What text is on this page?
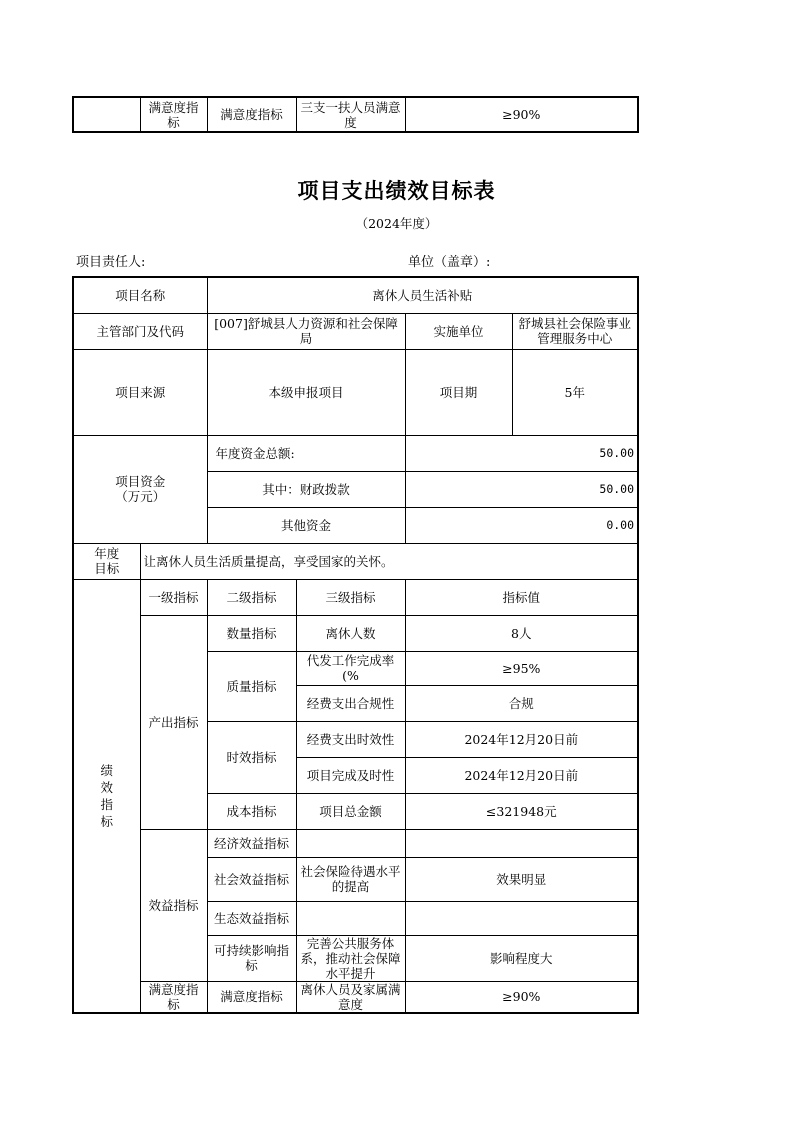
	满意度指标	满意度指标	三支一扶人员满意度	≥90%
项目支出绩效目标表
（2024年度）
项目责任人:	单位（盖章）:
项目名称		离休人员生活补贴			
主管部门及代码		[007]舒城县人力资源和社会保障局		实施单位	舒城县社会保险事业管理服务中心
项目来源		本级申报项目		项目期	5年

项目资金
（万元）		年度资金总额:		50.00	
		其中：财政拨款		50.00	
		其他资金		0.00	

年度
目标	让离休人员生活质量提高，享受国家的关怀。				

绩
效
指
标	一级指标	二级指标	三级指标	指标值	
	产出指标	数量指标	离休人数	8人	
		质量指标	代发工作完成率(%	≥95%	
			经费支出合规性	合规	
		时效指标	经费支出时效性	2024年12月20日前	
			项目完成及时性	2024年12月20日前	
		成本指标	项目总金额	≤321948元	
	效益指标	经济效益指标			
		社会效益指标	社会保险待遇水平的提高	效果明显	
		生态效益指标			
		可持续影响指标	完善公共服务体系，推动社会保障水平提升	影响程度大	
	满意度指标	满意度指标	离休人员及家属满意度	≥90%	
